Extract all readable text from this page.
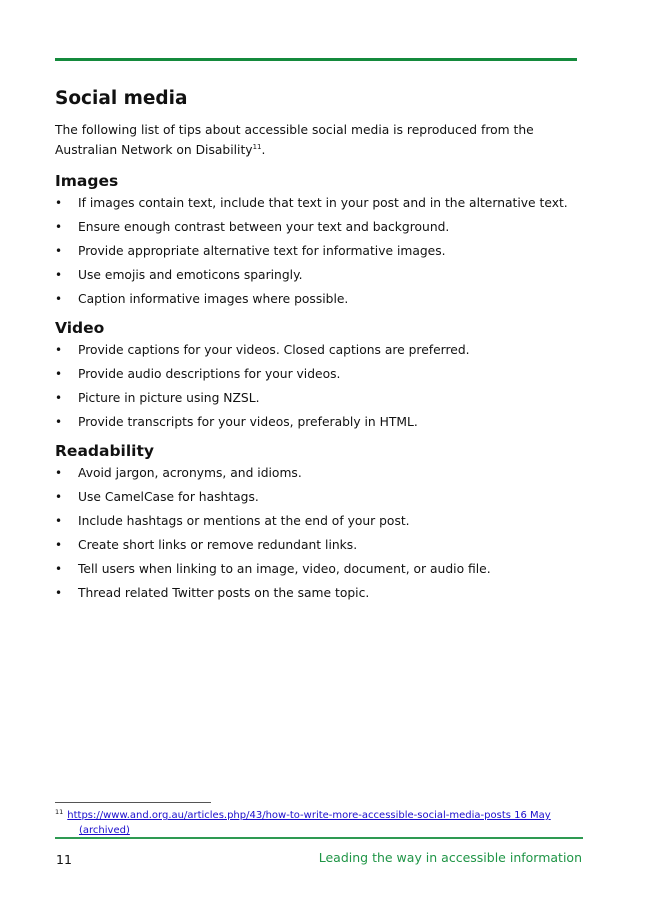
Social media

The following list of tips about accessible social media is reproduced from the Australian Network on Disability$^{11}$.

Images
• If images contain text, include that text in your post and in the alternative text.
• Ensure enough contrast between your text and background.
• Provide appropriate alternative text for informative images.
• Use emojis and emoticons sparingly.
• Caption informative images where possible.
Video
• Provide captions for your videos. Closed captions are preferred.
• Provide audio descriptions for your videos.
• Picture in picture using NZSL.
• Provide transcripts for your videos, preferably in HTML.
Readability
• Avoid jargon, acronyms, and idioms.
• Use CamelCase for hashtags.
• Include hashtags or mentions at the end of your post.
• Create short links or remove redundant links.
• Tell users when linking to an image, video, document, or audio file.
• Thread related Twitter posts on the same topic.
$^{11}$ https://www.and.org.au/articles.php/43/how-to-write-more-accessible-social-media-posts 16 May
(archived)
11	Leading the way in accessible information
